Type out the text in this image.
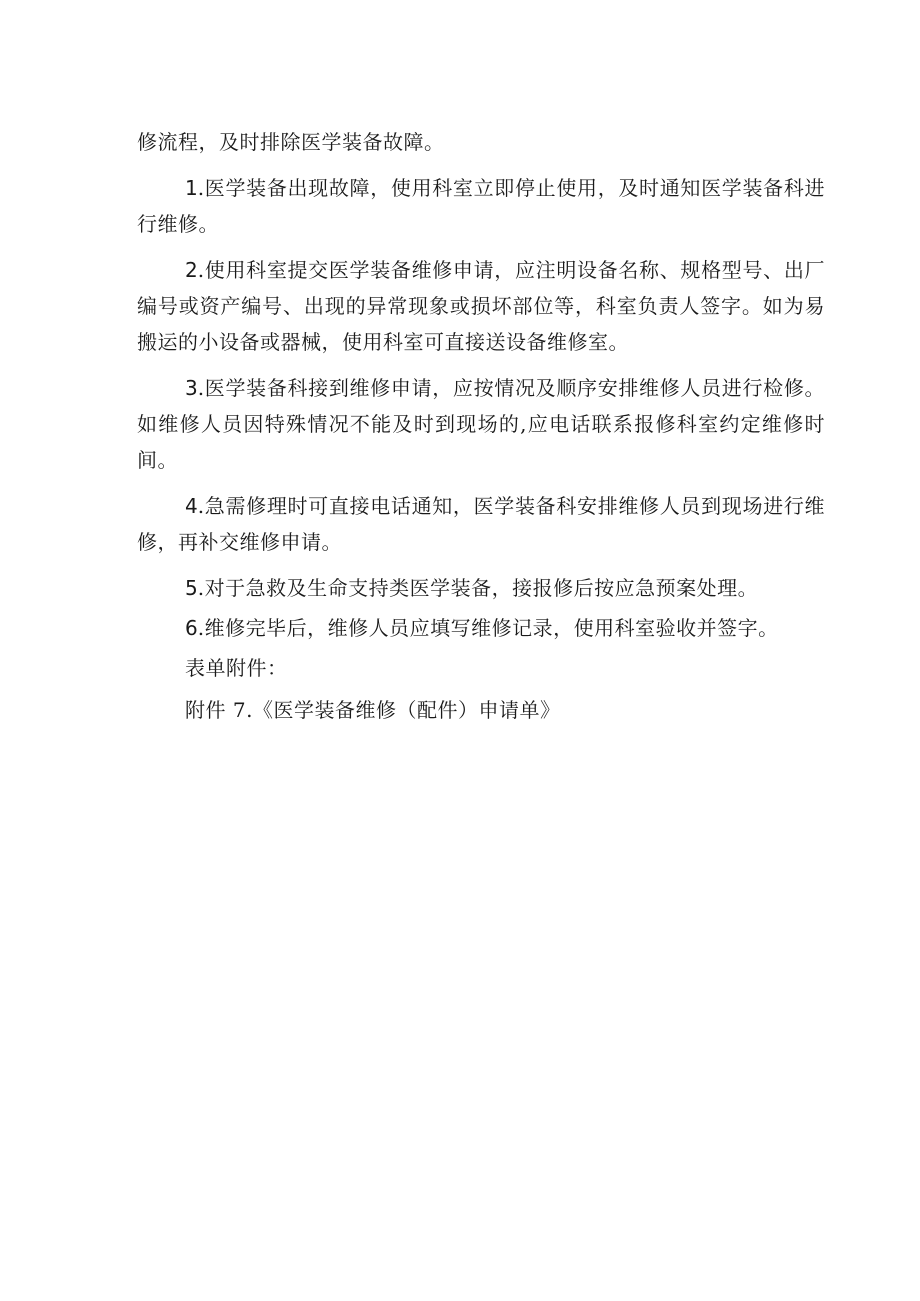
修流程，及时排除医学装备故障。

1.医学装备出现故障，使用科室立即停止使用，及时通知医学装备科进行维修。

2.使用科室提交医学装备维修申请，应注明设备名称、规格型号、出厂编号或资产编号、出现的异常现象或损坏部位等，科室负责人签字。如为易搬运的小设备或器械，使用科室可直接送设备维修室。

3.医学装备科接到维修申请，应按情况及顺序安排维修人员进行检修。如维修人员因特殊情况不能及时到现场的,应电话联系报修科室约定维修时间。

4.急需修理时可直接电话通知，医学装备科安排维修人员到现场进行维修，再补交维修申请。

5.对于急救及生命支持类医学装备，接报修后按应急预案处理。

6.维修完毕后，维修人员应填写维修记录，使用科室验收并签字。

表单附件：

附件 7.《医学装备维修（配件）申请单》
